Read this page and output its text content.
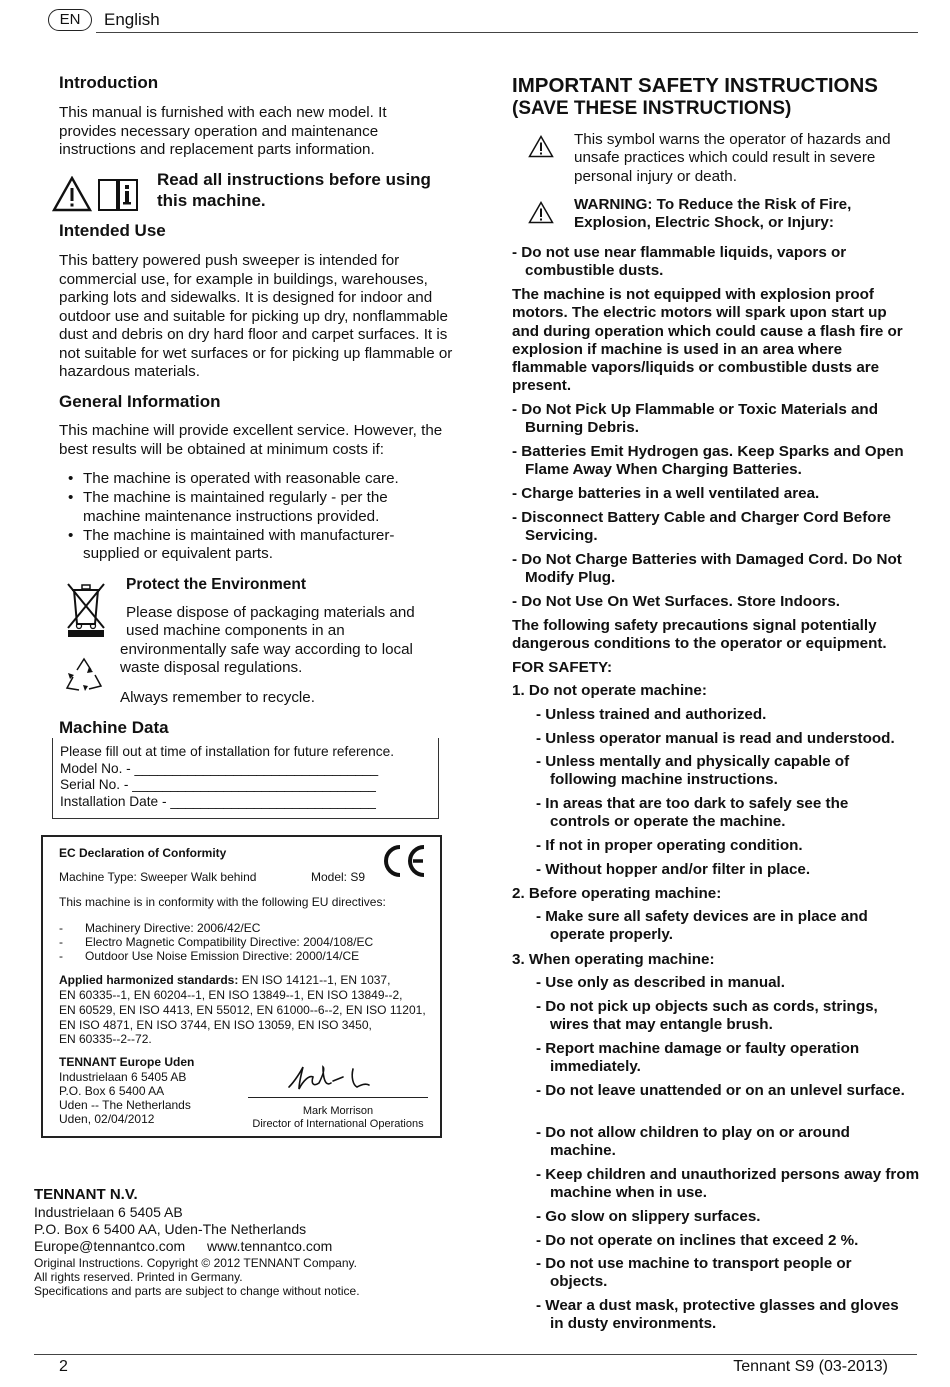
EN	English
Introduction
This manual is furnished with each new model. It provides necessary operation and maintenance instructions and replacement parts information.
Read all instructions before using this machine.
Intended Use
This battery powered push sweeper is intended for commercial use, for example in buildings, warehouses, parking lots and sidewalks. It is designed for indoor and outdoor use and suitable for picking up dry, nonflammable dust and debris on dry hard floor and carpet surfaces. It is not suitable for wet surfaces or for picking up flammable or hazardous materials.
General Information
This machine will provide excellent service. However, the best results will be obtained at minimum costs if:
• The machine is operated with reasonable care.
• The machine is maintained regularly - per the machine maintenance instructions provided.
• The machine is maintained with manufacturer-supplied or equivalent parts.
Protect the Environment
Please dispose of packaging materials and
used machine components in an
environmentally safe way according to local
waste disposal regulations.
Always remember to recycle.
Machine Data
Please fill out at time of installation for future reference.
Model No. - ________________________________
Serial No. - ________________________________
Installation Date - ___________________________
EC Declaration of Conformity
Machine Type: Sweeper Walk behind	Model: S9
This machine is in conformity with the following EU directives:
- Machinery Directive: 2006/42/EC
- Electro Magnetic Compatibility Directive: 2004/108/EC
- Outdoor Use Noise Emission Directive: 2000/14/CE
Applied harmonized standards: EN ISO 14121--1, EN 1037,
EN 60335--1, EN 60204--1, EN ISO 13849--1, EN ISO 13849--2,
EN 60529, EN ISO 4413, EN 55012, EN 61000--6--2, EN ISO 11201,
EN ISO 4871, EN ISO 3744, EN ISO 13059, EN ISO 3450,
EN 60335--2--72.
TENNANT Europe Uden
Industrielaan 6 5405 AB
P.O. Box 6 5400 AA
Uden -- The Netherlands
Uden, 02/04/2012
Mark Morrison
Director of International Operations
TENNANT N.V.
Industrielaan 6 5405 AB
P.O. Box 6 5400 AA, Uden-The Netherlands
Europe@tennantco.com www.tennantco.com
Original Instructions. Copyright © 2012 TENNANT Company.
All rights reserved. Printed in Germany.
Specifications and parts are subject to change without notice.
IMPORTANT SAFETY INSTRUCTIONS
(SAVE THESE INSTRUCTIONS)
This symbol warns the operator of hazards and unsafe practices which could result in severe personal injury or death.
WARNING: To Reduce the Risk of Fire, Explosion, Electric Shock, or Injury:
- Do not use near flammable liquids, vapors or combustible dusts.
The machine is not equipped with explosion proof motors. The electric motors will spark upon start up and during operation which could cause a flash fire or explosion if machine is used in an area where flammable vapors/liquids or combustible dusts are present.
- Do Not Pick Up Flammable or Toxic Materials and Burning Debris.
- Batteries Emit Hydrogen gas. Keep Sparks and Open Flame Away When Charging Batteries.
- Charge batteries in a well ventilated area.
- Disconnect Battery Cable and Charger Cord Before Servicing.
- Do Not Charge Batteries with Damaged Cord. Do Not Modify Plug.
- Do Not Use On Wet Surfaces. Store Indoors.
The following safety precautions signal potentially dangerous conditions to the operator or equipment.
FOR SAFETY:
1. Do not operate machine:
- Unless trained and authorized.
- Unless operator manual is read and understood.
- Unless mentally and physically capable of following machine instructions.
- In areas that are too dark to safely see the controls or operate the machine.
- If not in proper operating condition.
- Without hopper and/or filter in place.
2. Before operating machine:
- Make sure all safety devices are in place and operate properly.
3. When operating machine:
- Use only as described in manual.
- Do not pick up objects such as cords, strings, wires that may entangle brush.
- Report machine damage or faulty operation immediately.
- Do not leave unattended or on an unlevel surface.
- Do not allow children to play on or around machine.
- Keep children and unauthorized persons away from machine when in use.
- Go slow on slippery surfaces.
- Do not operate on inclines that exceed 2 %.
- Do not use machine to transport people or objects.
- Wear a dust mask, protective glasses and gloves in dusty environments.
2	Tennant S9 (03-2013)
